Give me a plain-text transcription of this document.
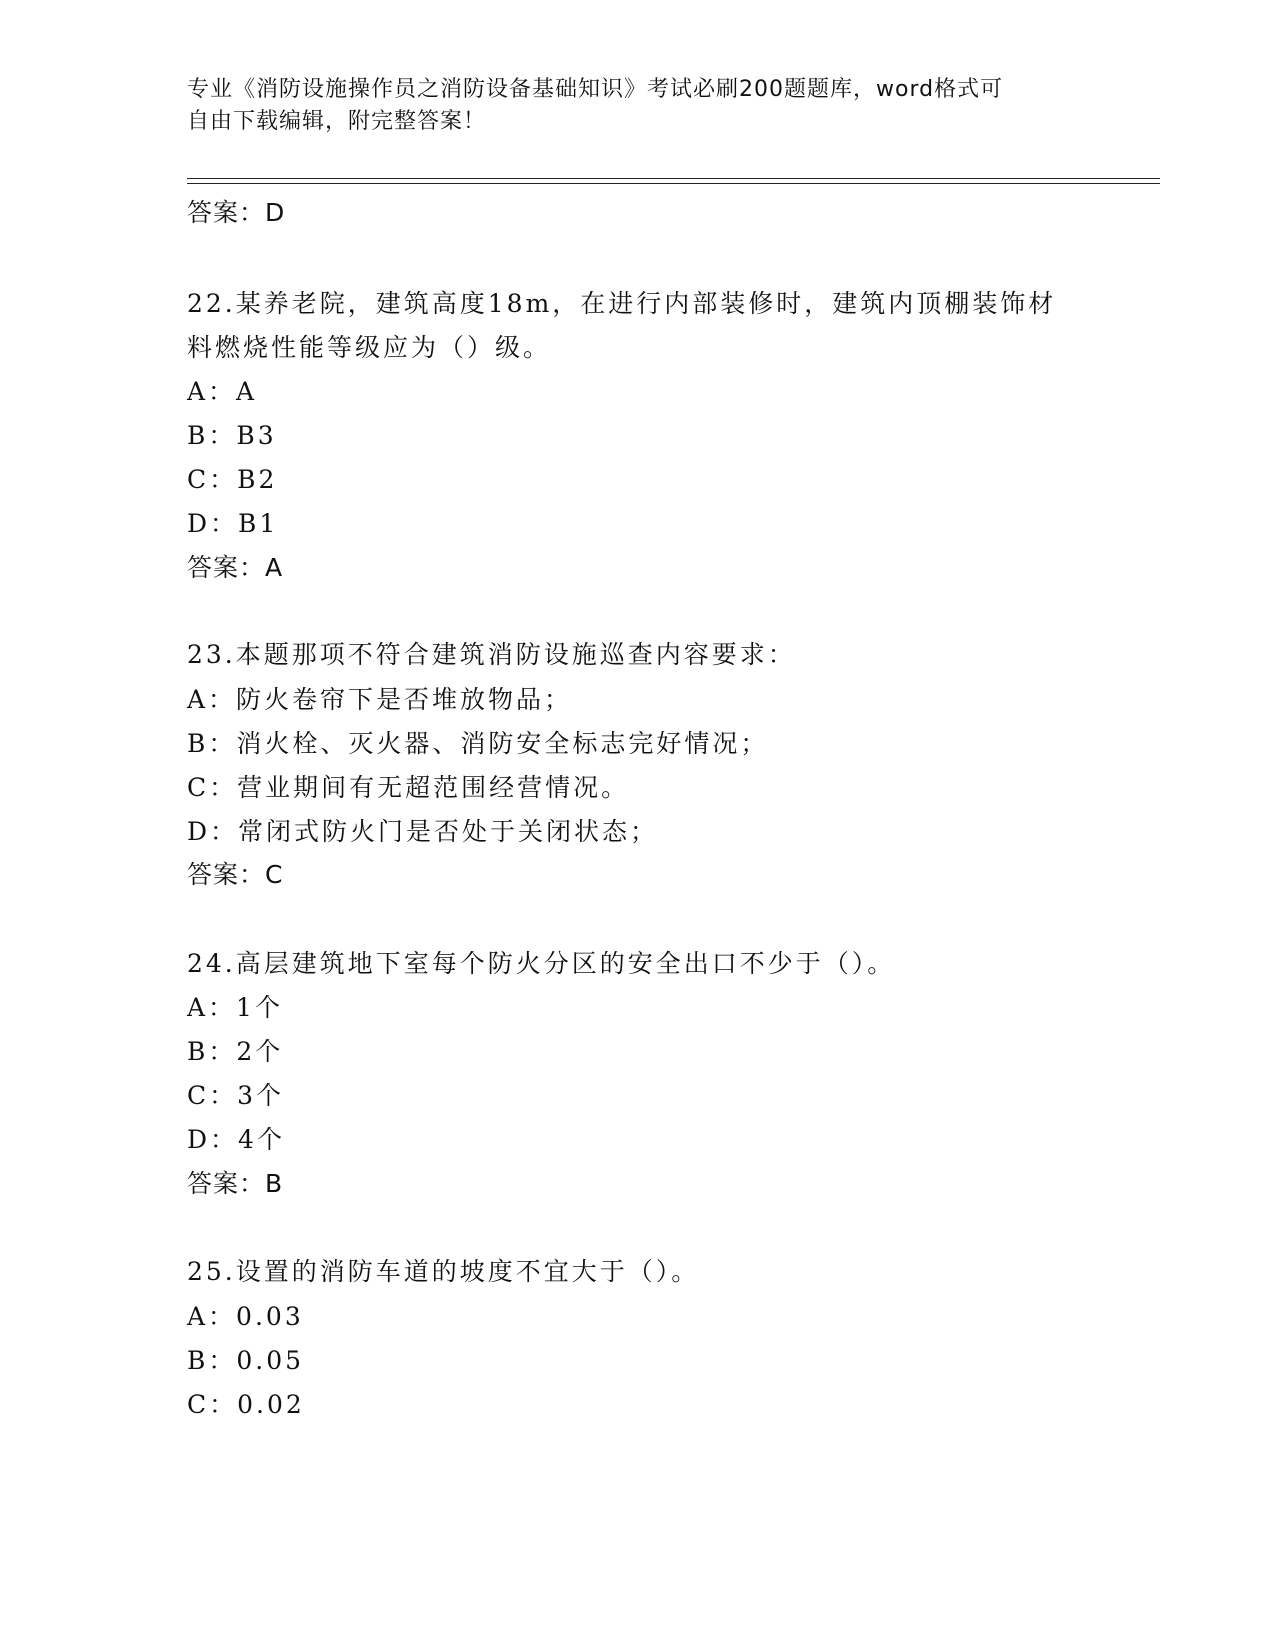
专业《消防设施操作员之消防设备基础知识》考试必刷200题题库，word格式可
自由下载编辑，附完整答案！
答案：D
22.某养老院，建筑高度18m，在进行内部装修时，建筑内顶棚装饰材
料燃烧性能等级应为（）级。
A：A
B：B3
C：B2
D：B1
答案：A
23.本题那项不符合建筑消防设施巡查内容要求：
A：防火卷帘下是否堆放物品；
B：消火栓、灭火器、消防安全标志完好情况；
C：营业期间有无超范围经营情况。
D：常闭式防火门是否处于关闭状态；
答案：C
24.高层建筑地下室每个防火分区的安全出口不少于（）。
A：1个
B：2个
C：3个
D：4个
答案：B
25.设置的消防车道的坡度不宜大于（）。
A：0.03
B：0.05
C：0.02
